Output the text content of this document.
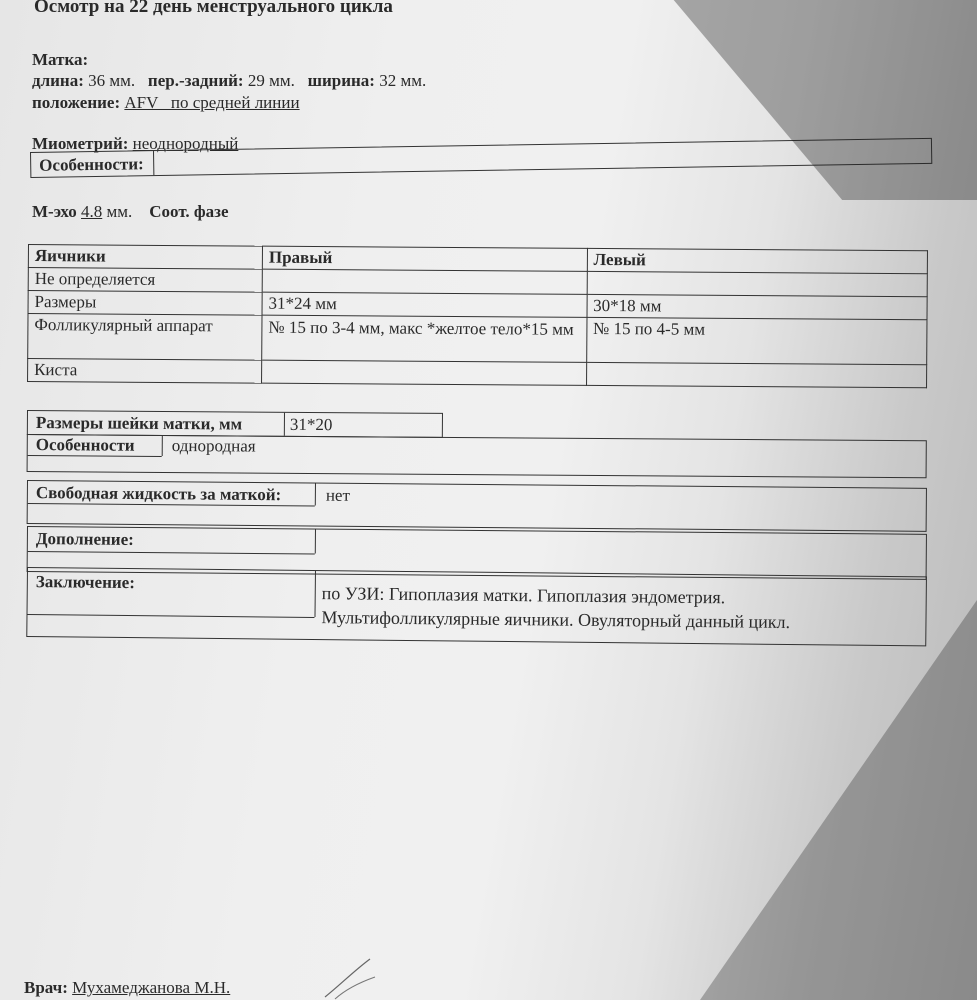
Осмотр на 22 день менструального цикла
Матка:
длина: 36 мм. пер.-задний: 29 мм. ширина: 32 мм.
положение: AFV   по средней линии
Миометрий: неоднородный
Особенности:
М-эхо 4.8 мм. Соот. фазе
Яичники	Правый	Левый
Не определяется		
Размеры	31*24 мм	30*18 мм
Фолликулярный аппарат	№ 15 по 3-4 мм, макс *желтое тело*15 мм	№ 15 по 4-5 мм
Киста		
Размеры шейки матки, мм	31*20
Особенности однородная
Свободная жидкость за маткой:	нет
Дополнение:
Заключение:
по УЗИ: Гипоплазия матки. Гипоплазия эндометрия.
Мультифолликулярные яичники. Овуляторный данный цикл.
Врач: Мухамеджанова М.Н.
